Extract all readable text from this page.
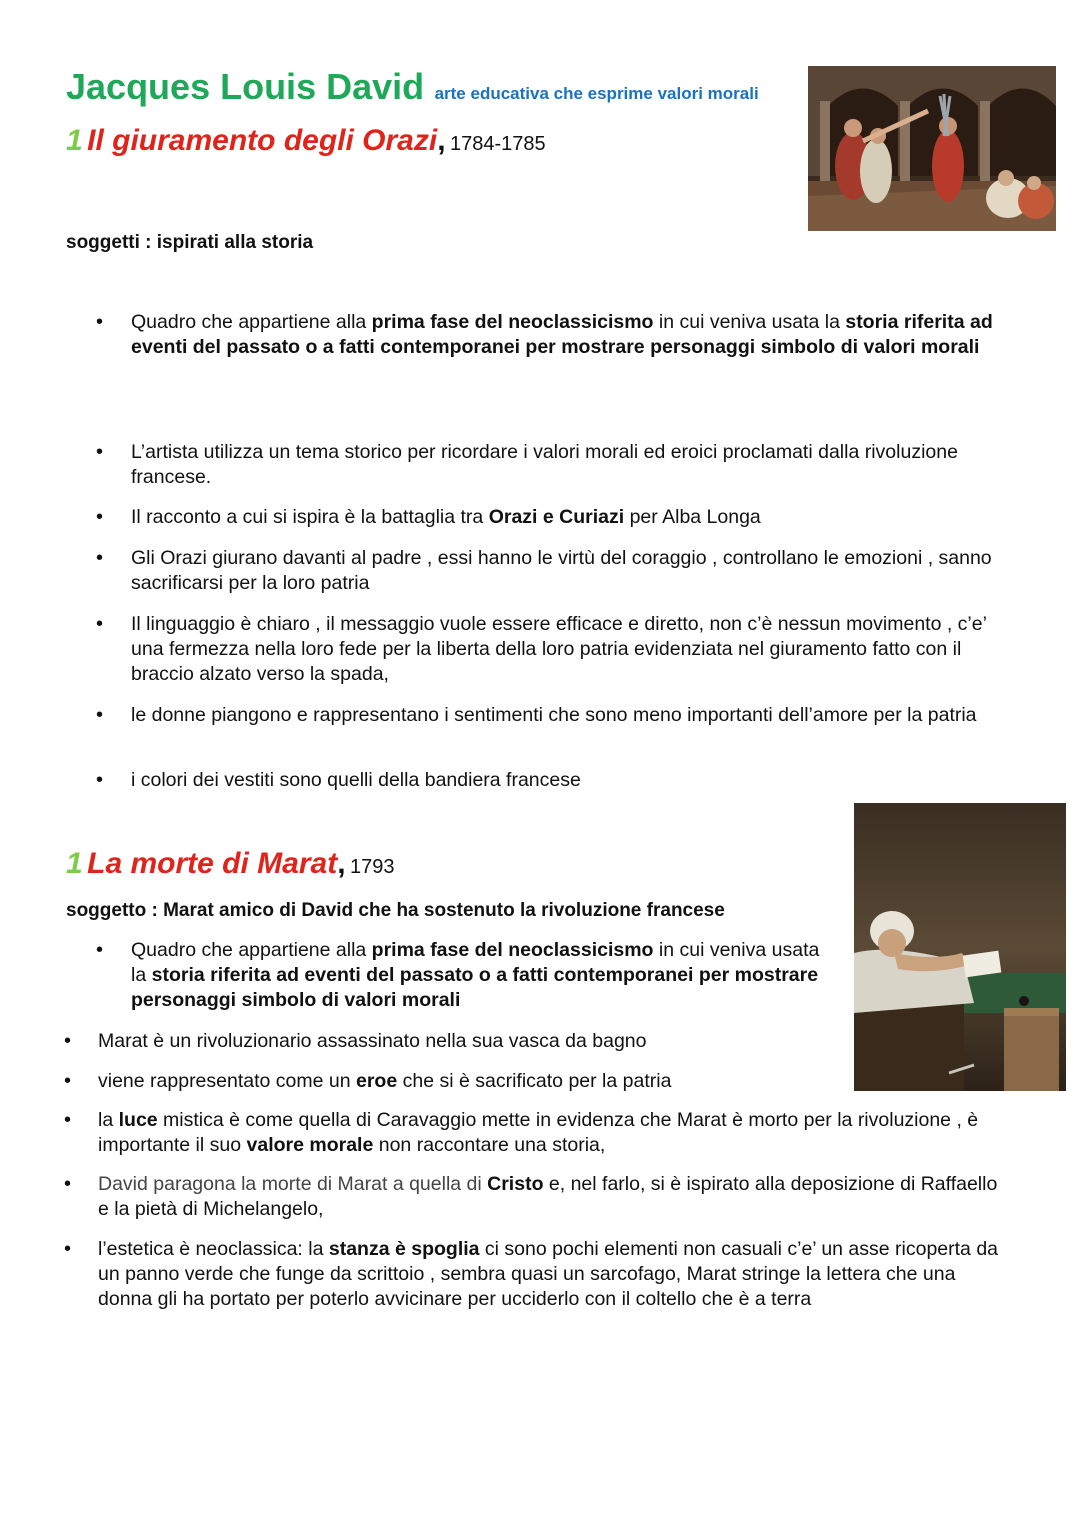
Jacques Louis David arte educativa che esprime valori morali
1 Il giuramento degli Orazi, 1784-1785
soggetti : ispirati alla storia
• Quadro che appartiene alla prima fase del neoclassicismo in cui veniva usata la storia riferita ad eventi del passato o a fatti contemporanei per mostrare personaggi simbolo di valori morali
• L’artista utilizza un tema storico per ricordare i valori morali ed eroici proclamati dalla rivoluzione francese.
• Il racconto a cui si ispira è la battaglia tra Orazi e Curiazi per Alba Longa
• Gli Orazi giurano davanti al padre , essi hanno le virtù del coraggio , controllano le emozioni , sanno sacrificarsi per la loro patria
• Il linguaggio è chiaro , il messaggio vuole essere efficace e diretto, non c’è nessun movimento , c’e’ una fermezza nella loro fede per la liberta della loro patria evidenziata nel giuramento fatto con il braccio alzato verso la spada,
• le donne piangono e rappresentano i sentimenti che sono meno importanti dell’amore per la patria
• i colori dei vestiti sono quelli della bandiera francese
1 La morte di Marat, 1793
soggetto : Marat amico di David che ha sostenuto la rivoluzione francese
• Quadro che appartiene alla prima fase del neoclassicismo in cui veniva usata la storia riferita ad eventi del passato o a fatti contemporanei per mostrare personaggi simbolo di valori morali
• Marat è un rivoluzionario assassinato nella sua vasca da bagno
• viene rappresentato come un eroe che si è sacrificato per la patria
• la luce mistica è come quella di Caravaggio mette in evidenza che Marat è morto per la rivoluzione , è importante il suo valore morale non raccontare una storia,
• David paragona la morte di Marat a quella di Cristo e, nel farlo, si è ispirato alla deposizione di Raffaello e la pietà di Michelangelo,
• l’estetica è neoclassica: la stanza è spoglia ci sono pochi elementi non casuali c’e’ un asse ricoperta da un panno verde che funge da scrittoio , sembra quasi un sarcofago, Marat stringe la lettera che una donna gli ha portato per poterlo avvicinare per ucciderlo con il coltello che è a terra
